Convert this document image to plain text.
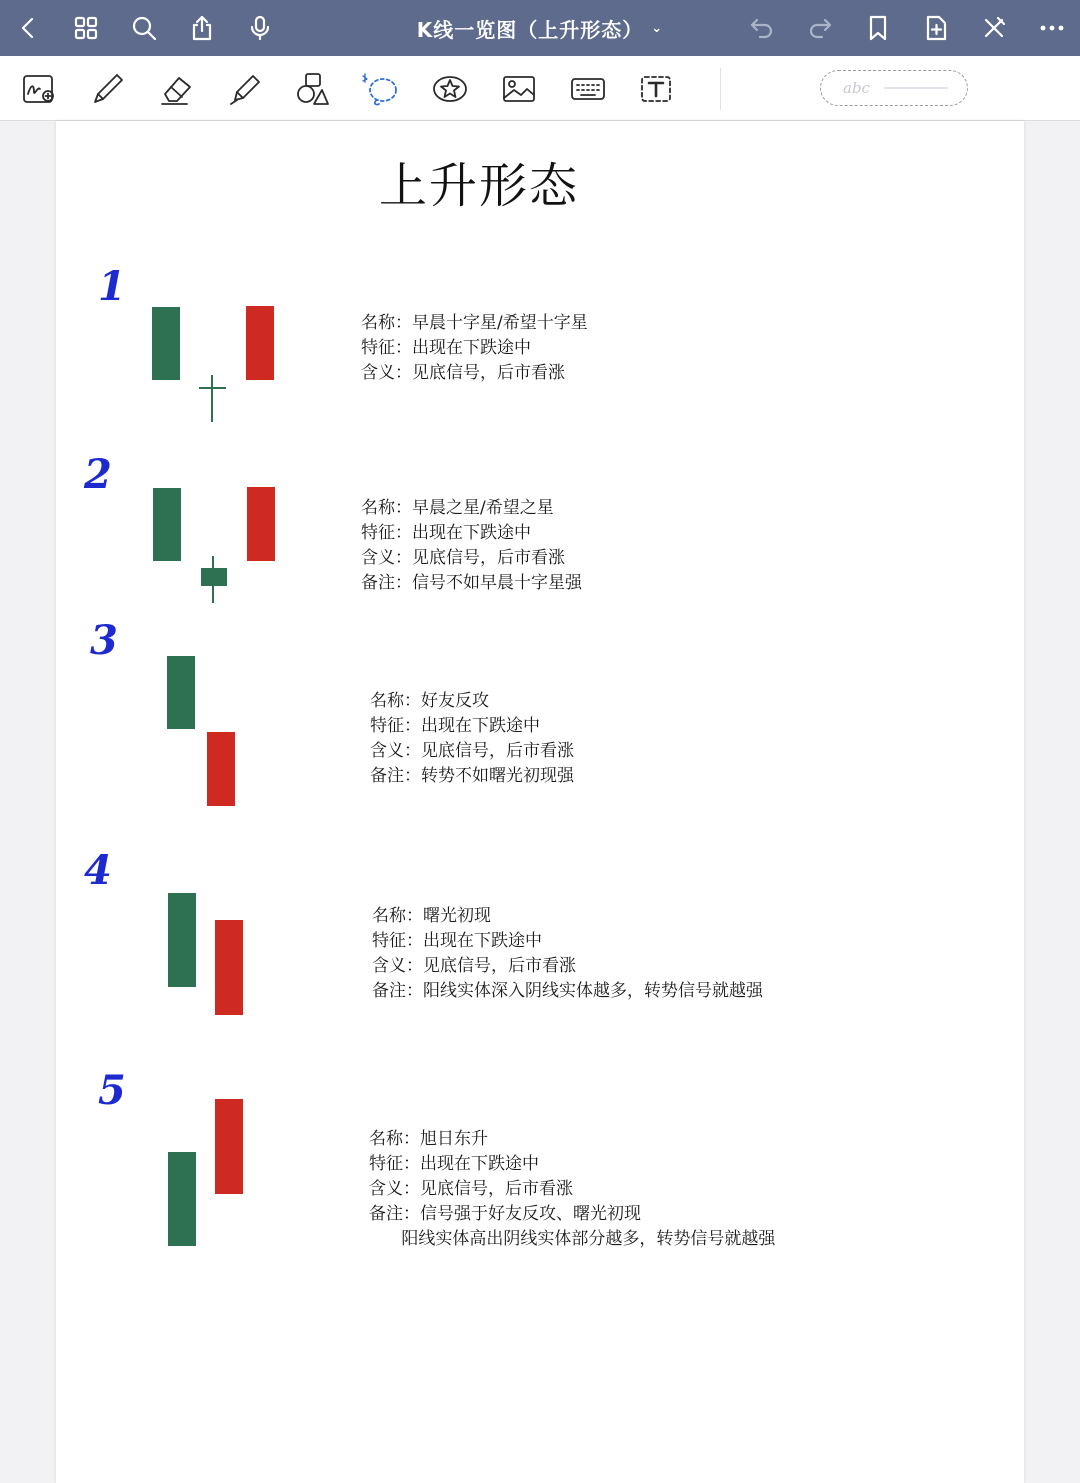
K线一览图（上升形态） ⌄
abc
上升形态
1
名称：早晨十字星/希望十字星
特征：出现在下跌途中
含义：见底信号，后市看涨
2
名称：早晨之星/希望之星
特征：出现在下跌途中
含义：见底信号，后市看涨
备注：信号不如早晨十字星强
3
名称：好友反攻
特征：出现在下跌途中
含义：见底信号，后市看涨
备注：转势不如曙光初现强
4
名称：曙光初现
特征：出现在下跌途中
含义：见底信号，后市看涨
备注：阳线实体深入阴线实体越多，转势信号就越强
5
名称：旭日东升
特征：出现在下跌途中
含义：见底信号，后市看涨
备注：信号强于好友反攻、曙光初现
阳线实体高出阴线实体部分越多，转势信号就越强
